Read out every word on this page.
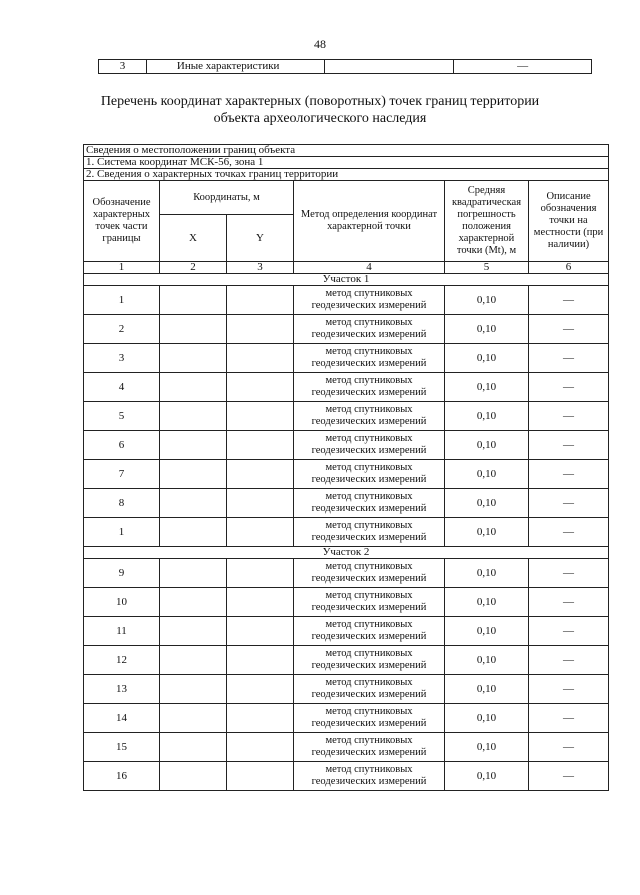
48
3	Иные характеристики		—
Перечень координат характерных (поворотных) точек границ территории
объекта археологического наследия
Сведения о местоположении границ объекта					
1. Система координат МСК-56, зона 1					
2. Сведения о характерных точках границ территории					
Обозначение характерных точек части границы	Координаты, м		Метод определения координат характерной точки	Средняя квадратическая погрешность положения характерной точки (Mt), м	Описание обозначения точки на местности (при наличии)
	X	Y			
1	2	3	4	5	6
Участок 1					
1			метод спутниковых геодезических измерений	0,10	—
2			метод спутниковых геодезических измерений	0,10	—
3			метод спутниковых геодезических измерений	0,10	—
4			метод спутниковых геодезических измерений	0,10	—
5			метод спутниковых геодезических измерений	0,10	—
6			метод спутниковых геодезических измерений	0,10	—
7			метод спутниковых геодезических измерений	0,10	—
8			метод спутниковых геодезических измерений	0,10	—
1			метод спутниковых геодезических измерений	0,10	—
Участок 2					
9			метод спутниковых геодезических измерений	0,10	—
10			метод спутниковых геодезических измерений	0,10	—
11			метод спутниковых геодезических измерений	0,10	—
12			метод спутниковых геодезических измерений	0,10	—
13			метод спутниковых геодезических измерений	0,10	—
14			метод спутниковых геодезических измерений	0,10	—
15			метод спутниковых геодезических измерений	0,10	—
16			метод спутниковых геодезических измерений	0,10	—
